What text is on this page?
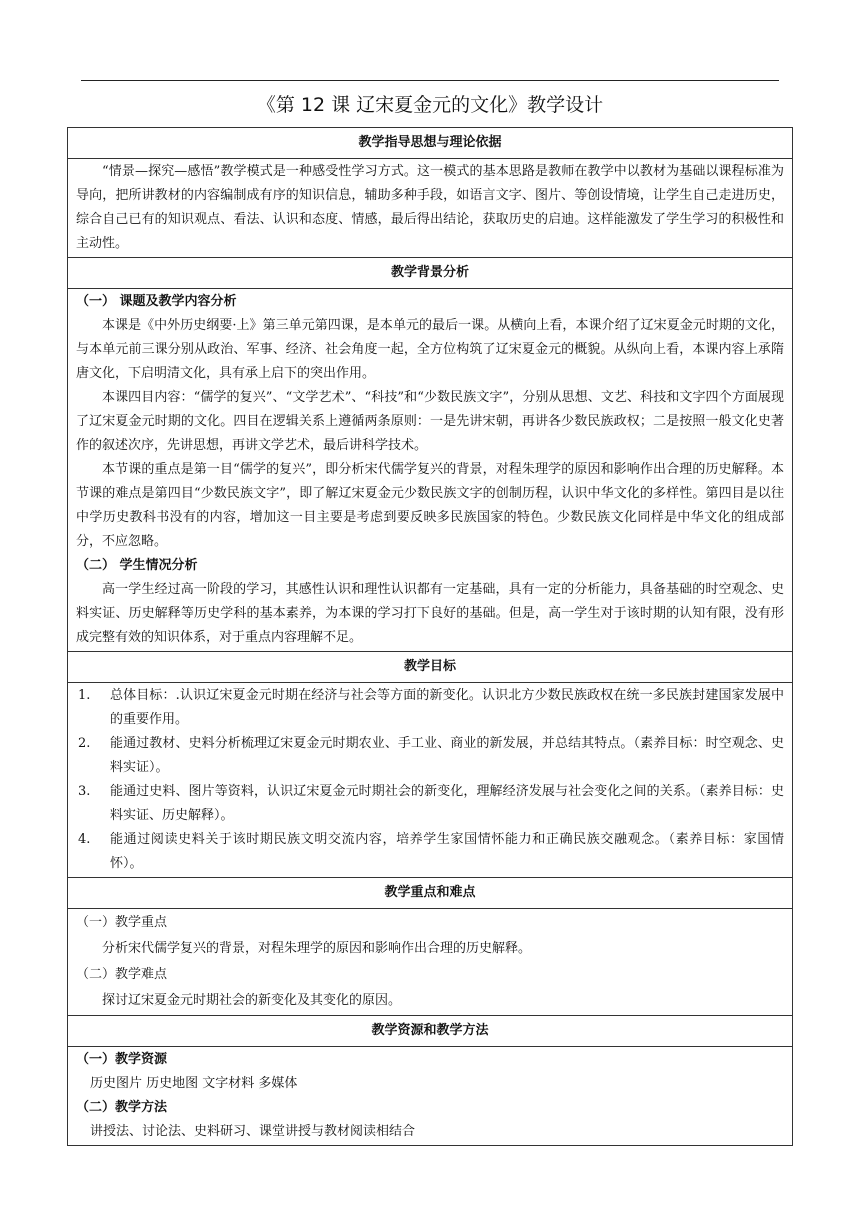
《第 12 课 辽宋夏金元的文化》教学设计
教学指导思想与理论依据

“情景—探究—感悟”教学模式是一种感受性学习方式。这一模式的基本思路是教师在教学中以教材为基础以课程标准为导向，把所讲教材的内容编制成有序的知识信息，辅助多种手段，如语言文字、图片、等创设情境，让学生自己走进历史，综合自己已有的知识观点、看法、认识和态度、情感，最后得出结论，获取历史的启迪。这样能激发了学生学习的积极性和主动性。

教学背景分析

（一） 课题及教学内容分析

本课是《中外历史纲要·上》第三单元第四课，是本单元的最后一课。从横向上看，本课介绍了辽宋夏金元时期的文化，与本单元前三课分别从政治、军事、经济、社会角度一起，全方位构筑了辽宋夏金元的概貌。从纵向上看，本课内容上承隋唐文化，下启明清文化，具有承上启下的突出作用。

本课四目内容：“儒学的复兴”、“文学艺术”、“科技”和“少数民族文字”，分别从思想、文艺、科技和文字四个方面展现了辽宋夏金元时期的文化。四目在逻辑关系上遵循两条原则：一是先讲宋朝，再讲各少数民族政权；二是按照一般文化史著作的叙述次序，先讲思想，再讲文学艺术，最后讲科学技术。

本节课的重点是第一目“儒学的复兴”，即分析宋代儒学复兴的背景，对程朱理学的原因和影响作出合理的历史解释。本节课的难点是第四目“少数民族文字”，即了解辽宋夏金元少数民族文字的创制历程，认识中华文化的多样性。第四目是以往中学历史教科书没有的内容，增加这一目主要是考虑到要反映多民族国家的特色。少数民族文化同样是中华文化的组成部分，不应忽略。

（二） 学生情况分析

高一学生经过高一阶段的学习，其感性认识和理性认识都有一定基础，具有一定的分析能力，具备基础的时空观念、史料实证、历史解释等历史学科的基本素养，为本课的学习打下良好的基础。但是，高一学生对于该时期的认知有限，没有形成完整有效的知识体系，对于重点内容理解不足。

教学目标
1. 总体目标：.认识辽宋夏金元时期在经济与社会等方面的新变化。认识北方少数民族政权在统一多民族封建国家发展中的重要作用。
2. 能通过教材、史料分析梳理辽宋夏金元时期农业、手工业、商业的新发展，并总结其特点。（素养目标：时空观念、史料实证）。
3. 能通过史料、图片等资料，认识辽宋夏金元时期社会的新变化，理解经济发展与社会变化之间的关系。（素养目标：史料实证、历史解释）。
4. 能通过阅读史料关于该时期民族文明交流内容，培养学生家国情怀能力和正确民族交融观念。（素养目标：家国情怀）。
教学重点和难点

（一）教学重点

分析宋代儒学复兴的背景，对程朱理学的原因和影响作出合理的历史解释。

（二）教学难点

探讨辽宋夏金元时期社会的新变化及其变化的原因。

教学资源和教学方法

（一）教学资源

历史图片 历史地图 文字材料 多媒体

（二）教学方法

讲授法、讨论法、史料研习、课堂讲授与教材阅读相结合
